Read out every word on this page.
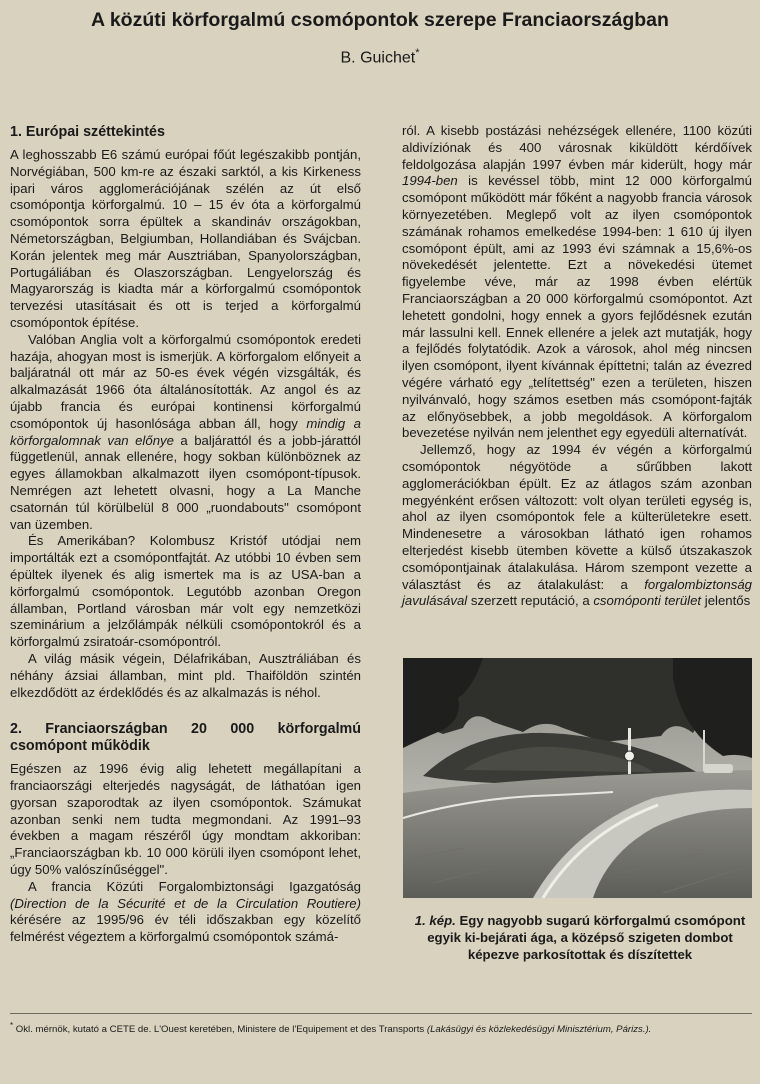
A közúti körforgalmú csomópontok szerepe Franciaországban
B. Guichet*
1. Európai széttekintés

A leghosszabb E6 számú európai főút legészakibb pontján, Norvégiában, 500 km-re az északi sarktól, a kis Kirkeness ipari város agglomerációjának szélén az út első csomópontja körforgalmú. 10 – 15 év óta a körforgalmú csomópontok sorra épültek a skandináv országokban, Németországban, Belgiumban, Hollandiában és Svájcban. Korán jelentek meg már Ausztriában, Spanyolországban, Portugáliában és Olaszországban. Lengyelország és Magyarország is kiadta már a körforgalmú csomópontok tervezési utasításait és ott is terjed a körforgalmú csomópontok építése.

Valóban Anglia volt a körforgalmú csomópontok eredeti hazája, ahogyan most is ismerjük. A körforgalom előnyeit a baljáratnál ott már az 50-es évek végén vizsgálták, és alkalmazását 1966 óta általánosították. Az angol és az újabb francia és európai kontinensi körforgalmú csomópontok új hasonlósága abban áll, hogy mindig a körforgalomnak van előnye a baljárattól és a jobb-járattól függetlenül, annak ellenére, hogy sokban különböznek az egyes államokban alkalmazott ilyen csomópont-típusok. Nemrégen azt lehetett olvasni, hogy a La Manche csatornán túl körülbelül 8 000 „ruondabouts" csomópont van üzemben.

És Amerikában? Kolombusz Kristóf utódjai nem importálták ezt a csomópontfajtát. Az utóbbi 10 évben sem épültek ilyenek és alig ismertek ma is az USA-ban a körforgalmú csomópontok. Legutóbb azonban Oregon államban, Portland városban már volt egy nemzetközi szeminárium a jelzőlámpák nélküli csomópontokról és a körforgalmú zsiratoár-csomópontról.

A világ másik végein, Délafrikában, Ausztráliában és néhány ázsiai államban, mint pld. Thaiföldön szintén elkezdődött az érdeklődés és az alkalmazás is néhol.

2. Franciaországban 20 000 körforgalmú csomópont működik

Egészen az 1996 évig alig lehetett megállapítani a franciaországi elterjedés nagyságát, de láthatóan igen gyorsan szaporodtak az ilyen csomópontok. Számukat azonban senki nem tudta megmondani. Az 1991–93 években a magam részéről úgy mondtam akkoriban: „Franciaországban kb. 10 000 körüli ilyen csomópont lehet, úgy 50% valószínűséggel".

A francia Közúti Forgalombiztonsági Igazgatóság (Direction de la Sécurité et de la Circulation Routiere) kérésére az 1995/96 év téli időszakban egy közelítő felmérést végeztem a körforgalmú csomópontok számá-

ról. A kisebb postázási nehézségek ellenére, 1100 közúti aldivíziónak és 400 városnak kiküldött kérdőívek feldolgozása alapján 1997 évben már kiderült, hogy már 1994-ben is kevéssel több, mint 12 000 körforgalmú csomópont működött már főként a nagyobb francia városok környezetében. Meglepő volt az ilyen csomópontok számának rohamos emelkedése 1994-ben: 1 610 új ilyen csomópont épült, ami az 1993 évi számnak a 15,6%-os növekedését jelentette. Ezt a növekedési ütemet figyelembe véve, már az 1998 évben elértük Franciaországban a 20 000 körforgalmú csomópontot. Azt lehetett gondolni, hogy ennek a gyors fejlődésnek ezután már lassulni kell. Ennek ellenére a jelek azt mutatják, hogy a fejlődés folytatódik. Azok a városok, ahol még nincsen ilyen csomópont, ilyent kívánnak építtetni; talán az évezred végére várható egy „telítettség" ezen a területen, hiszen nyilvánvaló, hogy számos esetben más csomópont-fajták az előnyösebbek, a jobb megoldások. A körforgalom bevezetése nyilván nem jelenthet egy egyedüli alternatívát.

Jellemző, hogy az 1994 év végén a körforgalmú csomópontok négyötöde a sűrűbben lakott agglomerációkban épült. Ez az átlagos szám azonban megyénként erősen változott: volt olyan területi egység is, ahol az ilyen csomópontok fele a külterületekre esett. Mindenesetre a városokban látható igen rohamos elterjedést kisebb ütemben követte a külső útszakaszok csomópontjainak átalakulása. Három szempont vezette a választást és az átalakulást: a forgalombiztonság javulásával szerzett reputáció, a csomóponti terület jelentős

1. kép. Egy nagyobb sugarú körforgalmú csomópont egyik ki-bejárati ága, a középső szigeten dombot képezve parkosítottak és díszítettek
* Okl. mérnök, kutató a CETE de. L'Ouest keretében, Ministere de l'Equipement et des Transports (Lakásügyi és közlekedésügyi Minisztérium, Párizs.).
